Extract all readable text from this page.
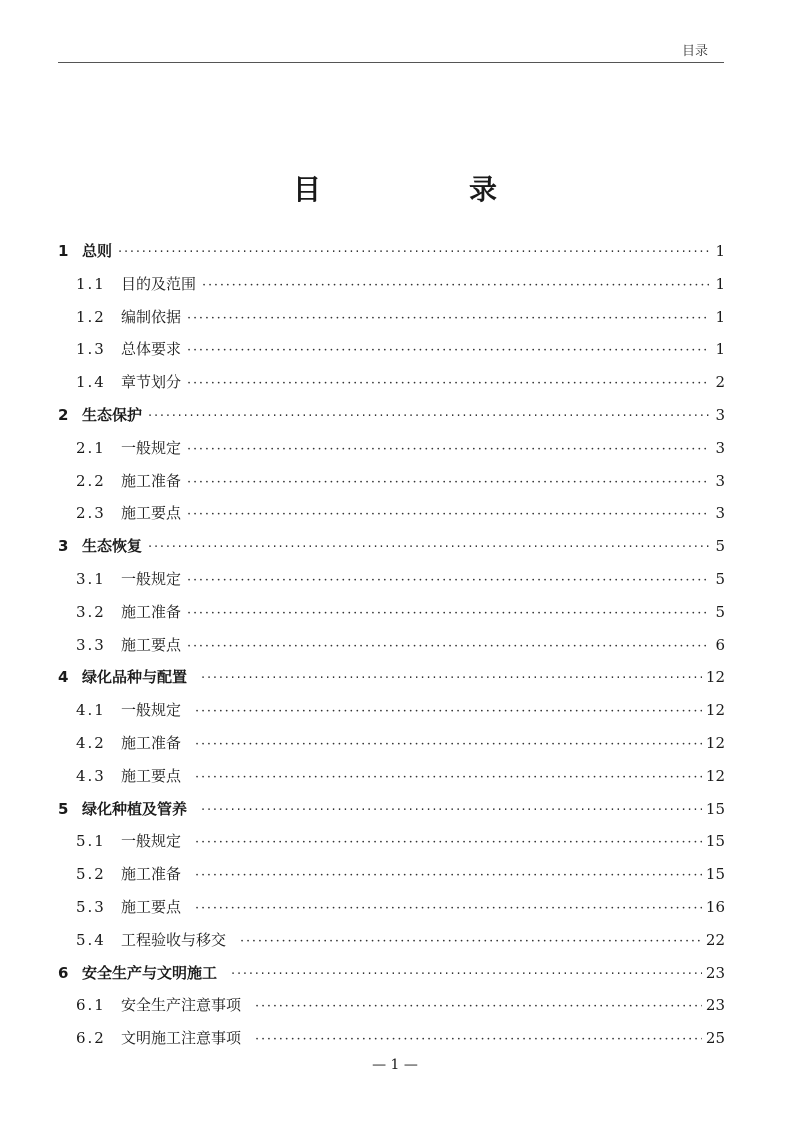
目录
目　录
1 总则 ·····	1
1.1	目的及范围 ·····	1
1.2	编制依据 ·····	1
1.3	总体要求 ·····	1
1.4	章节划分 ·····	2
2 生态保护 ·····	3
2.1	一般规定 ·····	3
2.2	施工准备 ·····	3
2.3	施工要点 ·····	3
3 生态恢复 ·····	5
3.1	一般规定 ·····	5
3.2	施工准备 ·····	5
3.3	施工要点 ·····	6
4 绿化品种与配置 ·····	12
4.1	一般规定 ·····	12
4.2	施工准备 ·····	12
4.3	施工要点 ·····	12
5 绿化种植及管养 ·····	15
5.1	一般规定 ·····	15
5.2	施工准备 ·····	15
5.3	施工要点 ·····	16
5.4	工程验收与移交 ·····	22
6 安全生产与文明施工 ·····	23
6.1	安全生产注意事项 ·····	23
6.2	文明施工注意事项 ·····	25
— 1 —
